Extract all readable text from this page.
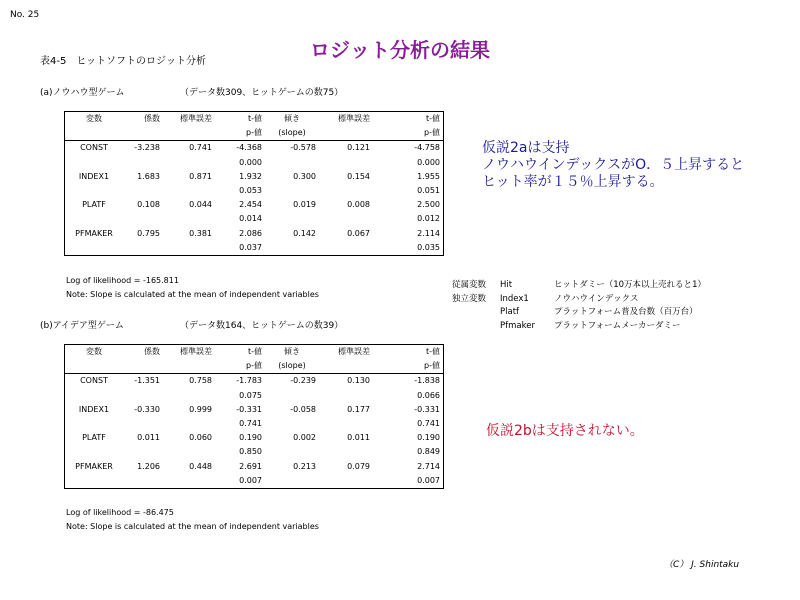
No. 25
ロジット分析の結果
表4-5　ヒットソフトのロジット分析
(a)ノウハウ型ゲーム	（データ数309、ヒットゲームの数75）
変数	係数	標準誤差	t-値	傾き	標準誤差	t-値
			p-値	(slope)		p-値
CONST	-3.238	0.741	-4.368	-0.578	0.121	-4.758
			0.000			0.000
INDEX1	1.683	0.871	1.932	0.300	0.154	1.955
			0.053			0.051
PLATF	0.108	0.044	2.454	0.019	0.008	2.500
			0.014			0.012
PFMAKER	0.795	0.381	2.086	0.142	0.067	2.114
			0.037			0.035
Log of likelihood = -165.811
Note: Slope is calculated at the mean of independent variables
(b)アイデア型ゲーム	（データ数164、ヒットゲームの数39）
変数	係数	標準誤差	t-値	傾き	標準誤差	t-値
			p-値	(slope)		p-値
CONST	-1.351	0.758	-1.783	-0.239	0.130	-1.838
			0.075			0.066
INDEX1	-0.330	0.999	-0.331	-0.058	0.177	-0.331
			0.741			0.741
PLATF	0.011	0.060	0.190	0.002	0.011	0.190
			0.850			0.849
PFMAKER	1.206	0.448	2.691	0.213	0.079	2.714
			0.007			0.007
Log of likelihood = -86.475
Note: Slope is calculated at the mean of independent variables
仮説2aは支持
ノウハウインデックスがO．５上昇すると
ヒット率が１５％上昇する。
仮説2bは支持されない。
従属変数 Hit	ヒットダミー（10万本以上売れると1）
独立変数 Index1	ノウハウインデックス
Platf	プラットフォーム普及台数（百万台）
Pfmaker プラットフォームメーカーダミー
（C） J. Shintaku
